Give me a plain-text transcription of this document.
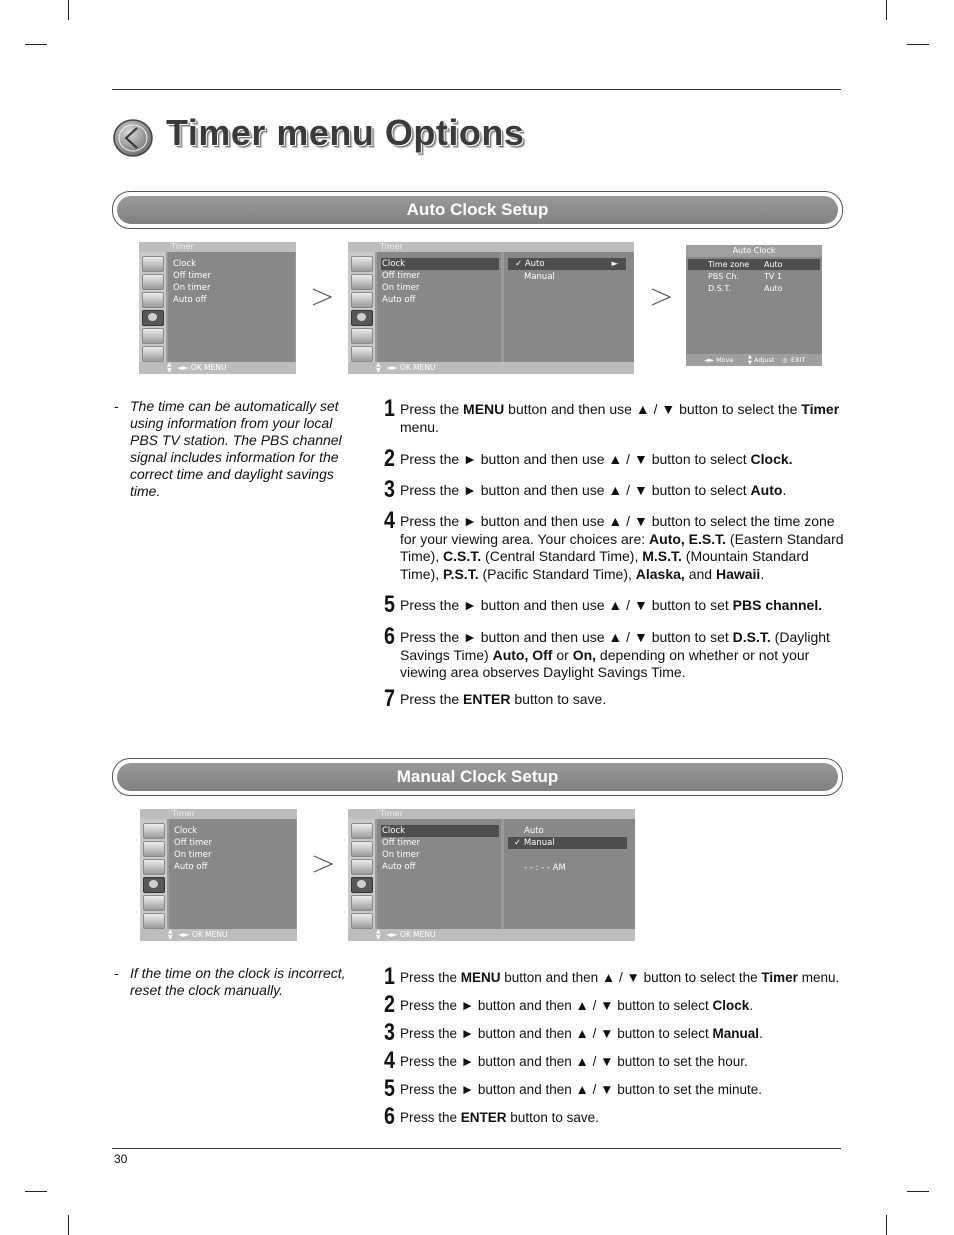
Timer menu Options
Auto Clock Setup
Timer
Clock
Off timer
On timer
Auto off
▲
▼ ◄► OK MENU
Timer
Clock
Off timer
On timer
Auto off
✓ Auto	►
Manual
▲
▼ ◄► OK MENU
Auto Clock
Time zone Auto
PBS Ch.	TV 1
D.S.T.	Auto
◄► Move	▲
▼ Adjust ◎ EXIT
- The time can be automatically set using information from your local PBS TV station. The PBS channel signal includes information for the correct time and daylight savings time.
1 Press the MENU button and then use ▲ / ▼ button to select the Timer menu.
2 Press the ► button and then use ▲ / ▼ button to select Clock.
3 Press the ► button and then use ▲ / ▼ button to select Auto.
4 Press the ► button and then use ▲ / ▼ button to select the time zone for your viewing area. Your choices are: Auto, E.S.T. (Eastern Standard Time), C.S.T. (Central Standard Time), M.S.T. (Mountain Standard Time), P.S.T. (Pacific Standard Time), Alaska, and Hawaii.
5 Press the ► button and then use ▲ / ▼ button to set PBS channel.
6 Press the ► button and then use ▲ / ▼ button to set D.S.T. (Daylight Savings Time) Auto, Off or On, depending on whether or not your viewing area observes Daylight Savings Time.
7 Press the ENTER button to save.
Manual Clock Setup
Timer
Clock
Off timer
On timer
Auto off
▲
▼ ◄► OK MENU
Timer
Clock
Off timer
On timer
Auto off
Auto
✓ Manual
- - : - - AM
▲
▼ ◄► OK MENU
- If the time on the clock is incorrect, reset the clock manually.	1 Press the MENU button and then ▲ / ▼ button to select the Timer menu.
2 Press the ► button and then ▲ / ▼ button to select Clock.
3 Press the ► button and then ▲ / ▼ button to select Manual.
4 Press the ► button and then ▲ / ▼ button to set the hour.
5 Press the ► button and then ▲ / ▼ button to set the minute.
6 Press the ENTER button to save.
30
